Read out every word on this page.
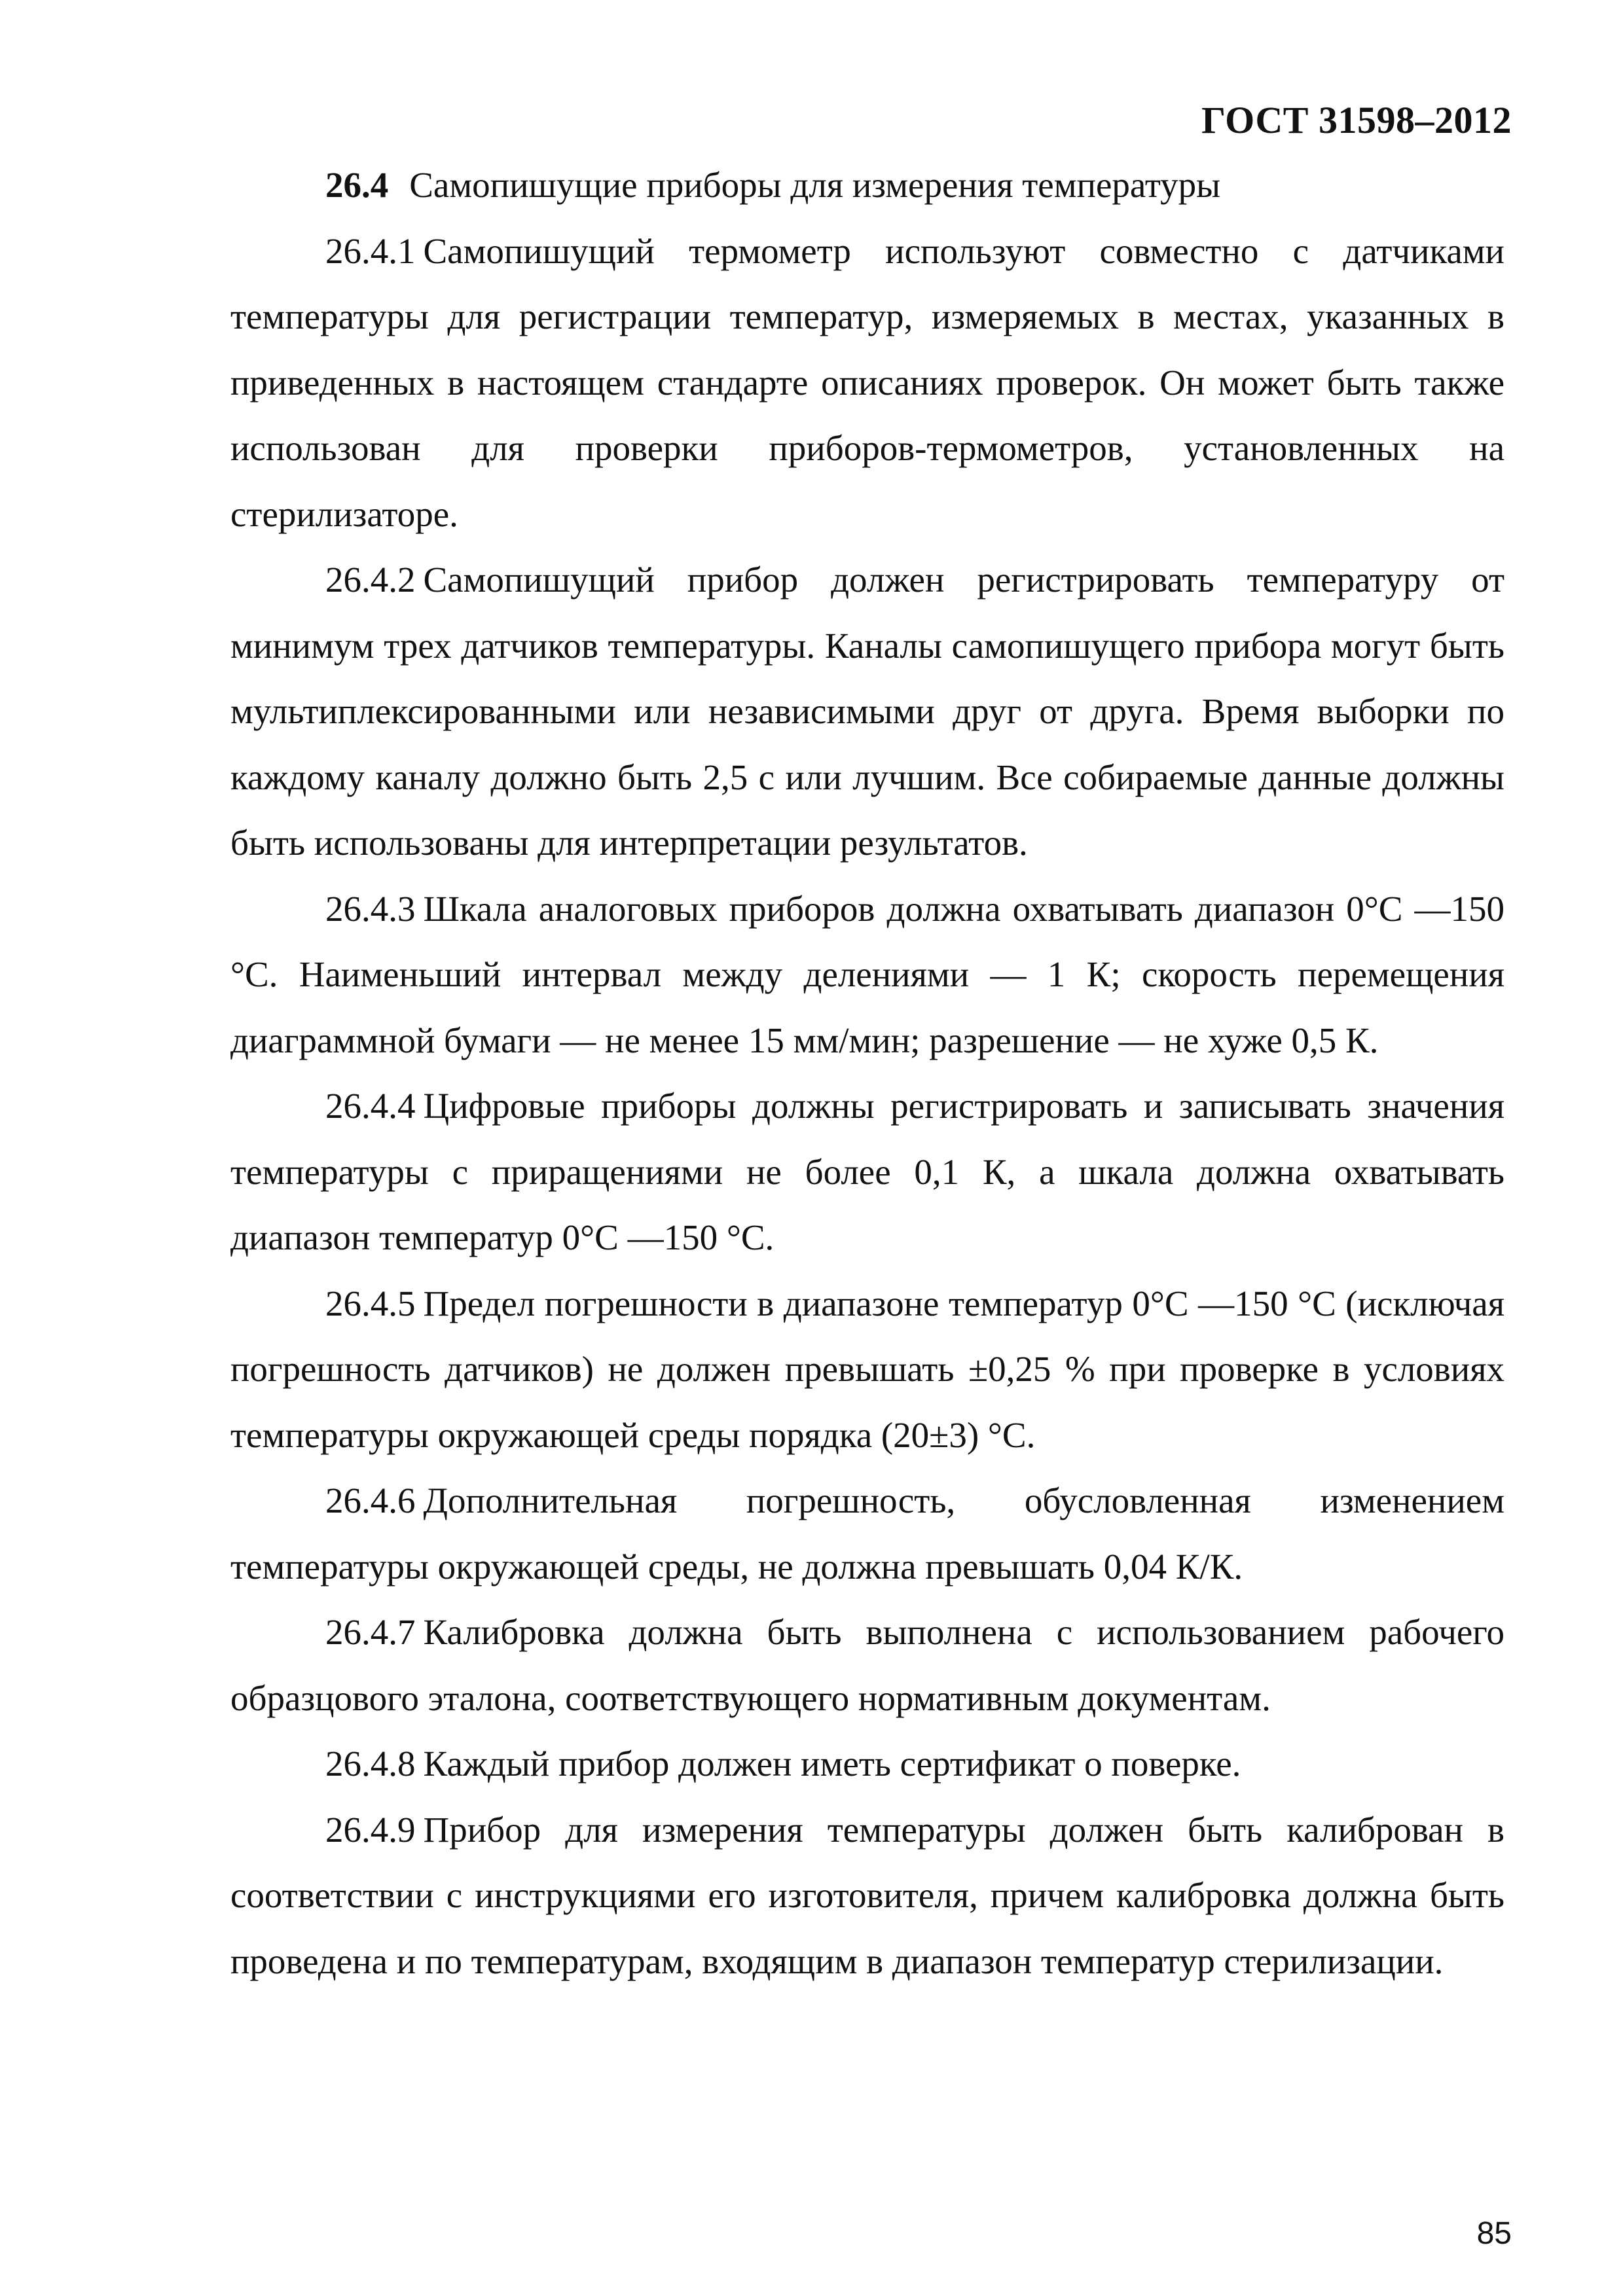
ГОСТ 31598–2012
26.4 Самопишущие приборы для измерения температуры

26.4.1 Самопишущий термометр используют совместно с датчиками температуры для регистрации температур, измеряемых в местах, указанных в приведенных в настоящем стандарте описаниях проверок. Он может быть также использован для проверки приборов-термометров, установленных на стерилизаторе.

26.4.2 Самопишущий прибор должен регистрировать температуру от минимум трех датчиков температуры. Каналы самопишущего прибора могут быть мультиплексированными или независимыми друг от друга. Время выборки по каждому каналу должно быть 2,5 с или лучшим. Все собираемые данные должны быть использованы для интерпретации результатов.

26.4.3 Шкала аналоговых приборов должна охватывать диапазон 0°С —150 °С. Наименьший интервал между делениями — 1 К; скорость перемещения диаграммной бумаги — не менее 15 мм/мин; разрешение — не хуже 0,5 К.

26.4.4 Цифровые приборы должны регистрировать и записывать значения температуры с приращениями не более 0,1 К, а шкала должна охватывать диапазон температур 0°С —150 °С.

26.4.5 Предел погрешности в диапазоне температур 0°С —150 °С (исключая погрешность датчиков) не должен превышать ±0,25 % при проверке в условиях температуры окружающей среды порядка (20±3) °С.

26.4.6 Дополнительная погрешность, обусловленная изменением температуры окружающей среды, не должна превышать 0,04 К/К.

26.4.7 Калибровка должна быть выполнена с использованием рабочего образцового эталона, соответствующего нормативным документам.

26.4.8 Каждый прибор должен иметь сертификат о поверке.

26.4.9 Прибор для измерения температуры должен быть калиброван в соответствии с инструкциями его изготовителя, причем калибровка должна быть проведена и по температурам, входящим в диапазон температур стерилизации.

85
